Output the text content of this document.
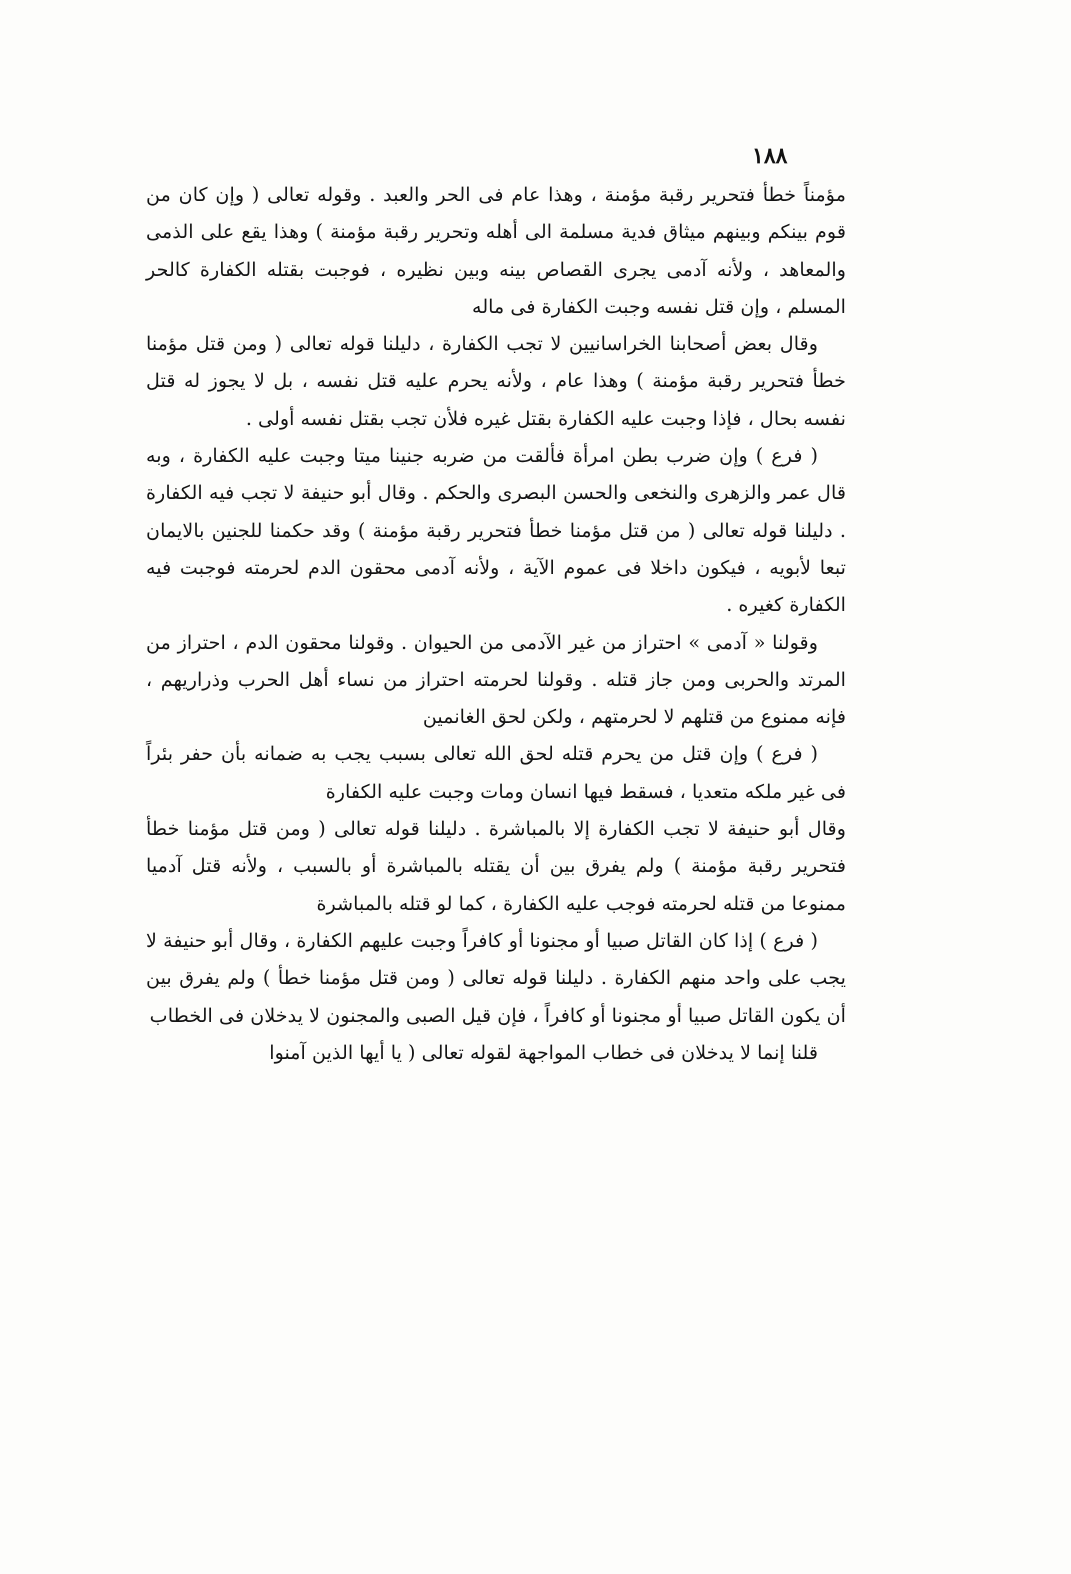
١٨٨

مؤمناً خطأ فتحرير رقبة مؤمنة ، وهذا عام فى الحر والعبد . وقوله تعالى ( وإن كان من قوم بينكم وبينهم ميثاق فدية مسلمة الى أهله وتحرير رقبة مؤمنة ) وهذا يقع على الذمى والمعاهد ، ولأنه آدمى يجرى القصاص بينه وبين نظيره ، فوجبت بقتله الكفارة كالحر المسلم ، وإن قتل نفسه وجبت الكفارة فى ماله

وقال بعض أصحابنا الخراسانيين لا تجب الكفارة ، دليلنا قوله تعالى ( ومن قتل مؤمنا خطأ فتحرير رقبة مؤمنة ) وهذا عام ، ولأنه يحرم عليه قتل نفسه ، بل لا يجوز له قتل نفسه بحال ، فإذا وجبت عليه الكفارة بقتل غيره فلأن تجب بقتل نفسه أولى .

( فرع ) وإن ضرب بطن امرأة فألقت من ضربه جنينا ميتا وجبت عليه الكفارة ، وبه قال عمر والزهرى والنخعى والحسن البصرى والحكم . وقال أبو حنيفة لا تجب فيه الكفارة . دليلنا قوله تعالى ( من قتل مؤمنا خطأ فتحرير رقبة مؤمنة ) وقد حكمنا للجنين بالايمان تبعا لأبويه ، فيكون داخلا فى عموم الآية ، ولأنه آدمى محقون الدم لحرمته فوجبت فيه الكفارة كغيره .

وقولنا « آدمى » احتراز من غير الآدمى من الحيوان . وقولنا محقون الدم ، احتراز من المرتد والحربى ومن جاز قتله . وقولنا لحرمته احتراز من نساء أهل الحرب وذراريهم ، فإنه ممنوع من قتلهم لا لحرمتهم ، ولكن لحق الغانمين

( فرع ) وإن قتل من يحرم قتله لحق الله تعالى بسبب يجب به ضمانه بأن حفر بئراً فى غير ملكه متعديا ، فسقط فيها انسان ومات وجبت عليه الكفارة

وقال أبو حنيفة لا تجب الكفارة إلا بالمباشرة . دليلنا قوله تعالى ( ومن قتل مؤمنا خطأ فتحرير رقبة مؤمنة ) ولم يفرق بين أن يقتله بالمباشرة أو بالسبب ، ولأنه قتل آدميا ممنوعا من قتله لحرمته فوجب عليه الكفارة ، كما لو قتله بالمباشرة

( فرع ) إذا كان القاتل صبيا أو مجنونا أو كافراً وجبت عليهم الكفارة ، وقال أبو حنيفة لا يجب على واحد منهم الكفارة . دليلنا قوله تعالى ( ومن قتل مؤمنا خطأ ) ولم يفرق بين أن يكون القاتل صبيا أو مجنونا أو كافراً ، فإن قيل الصبى والمجنون لا يدخلان فى الخطاب

قلنا إنما لا يدخلان فى خطاب المواجهة لقوله تعالى ( يا أيها الذين آمنوا
